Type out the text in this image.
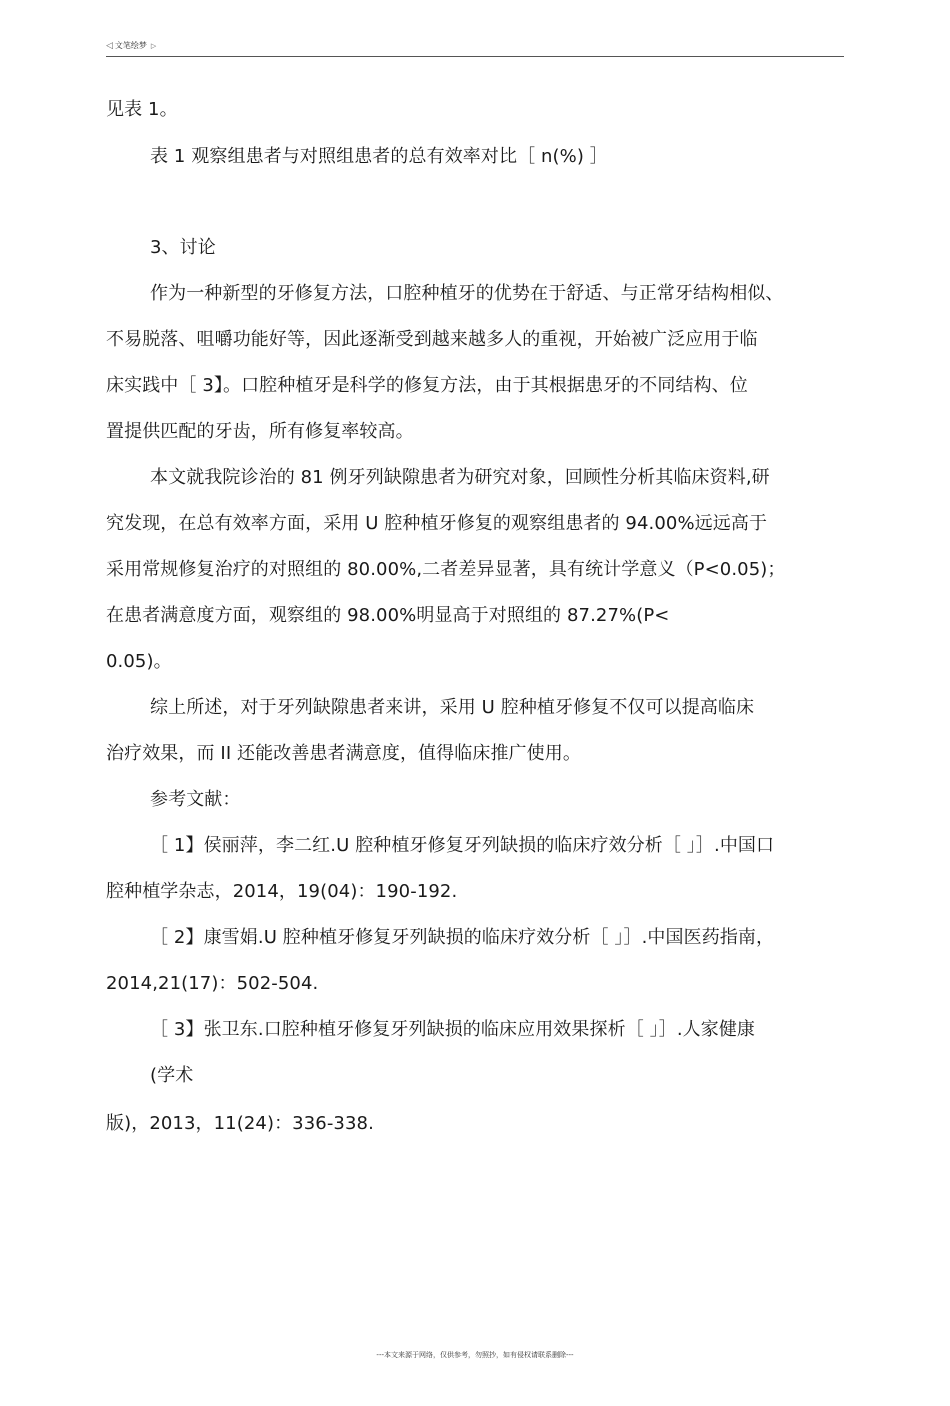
◁ 文笔绘梦 ▷
见表 1。
表 1 观察组患者与对照组患者的总有效率对比［ n(%) ］
3、讨论
作为一种新型的牙修复方法，口腔种植牙的优势在于舒适、与正常牙结构相似、
不易脱落、咀嚼功能好等，因此逐渐受到越来越多人的重视，开始被广泛应用于临
床实践中［ 3】。口腔种植牙是科学的修复方法，由于其根据患牙的不同结构、位
置提供匹配的牙齿，所有修复率较高。
本文就我院诊治的 81 例牙列缺隙患者为研究对象，回顾性分析其临床资料,研
究发现，在总有效率方面，采用 U 腔种植牙修复的观察组患者的 94.00%远远高于
采用常规修复治疗的对照组的 80.00%,二者差异显著，具有统计学意义（P<0.05)；
在患者满意度方面，观察组的 98.00%明显高于对照组的 87.27%(P<
0.05)。
综上所述，对于牙列缺隙患者来讲，采用 U 腔种植牙修复不仅可以提高临床
治疗效果，而 II 还能改善患者满意度，值得临床推广使用。
参考文献：
［ 1】侯丽萍，李二红.U 腔种植牙修复牙列缺损的临床疗效分析［ 」］.中国口
腔种植学杂志，2014，19(04)：190-192.
［ 2】康雪娟.U 腔种植牙修复牙列缺损的临床疗效分析［ 」］.中国医药指南，
2014,21(17)：502-504.
［ 3】张卫东.口腔种植牙修复牙列缺损的临床应用效果探析［ 」］.人家健康
(学术
版)，2013，11(24)：336-338.
---本文来源于网络，仅供参考，勿照抄，如有侵权请联系删除---
